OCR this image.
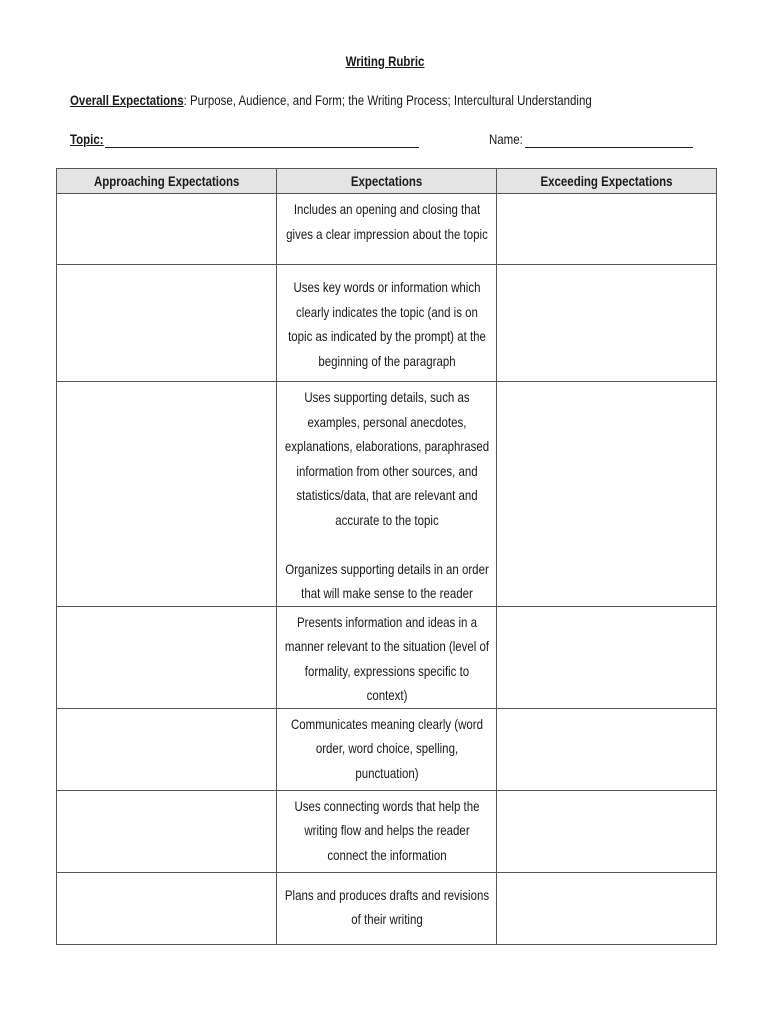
Writing Rubric
Overall Expectations: Purpose, Audience, and Form; the Writing Process; Intercultural Understanding
Topic:	Name:
Approaching Expectations	Expectations	Exceeding Expectations

	Includes an opening and closing that gives a clear impression about the topic	

	Uses key words or information which clearly indicates the topic (and is on topic as indicated by the prompt) at the beginning of the paragraph	

	Uses supporting details, such as examples, personal anecdotes, explanations, elaborations, paraphrased information from other sources, and statistics/data, that are relevant and accurate to the topic
Organizes supporting details in an order that will make sense to the reader	

	Presents information and ideas in a manner relevant to the situation (level of formality, expressions specific to context)	

	Communicates meaning clearly (word order, word choice, spelling, punctuation)	

	Uses connecting words that help the writing flow and helps the reader connect the information	

	Plans and produces drafts and revisions of their writing	
